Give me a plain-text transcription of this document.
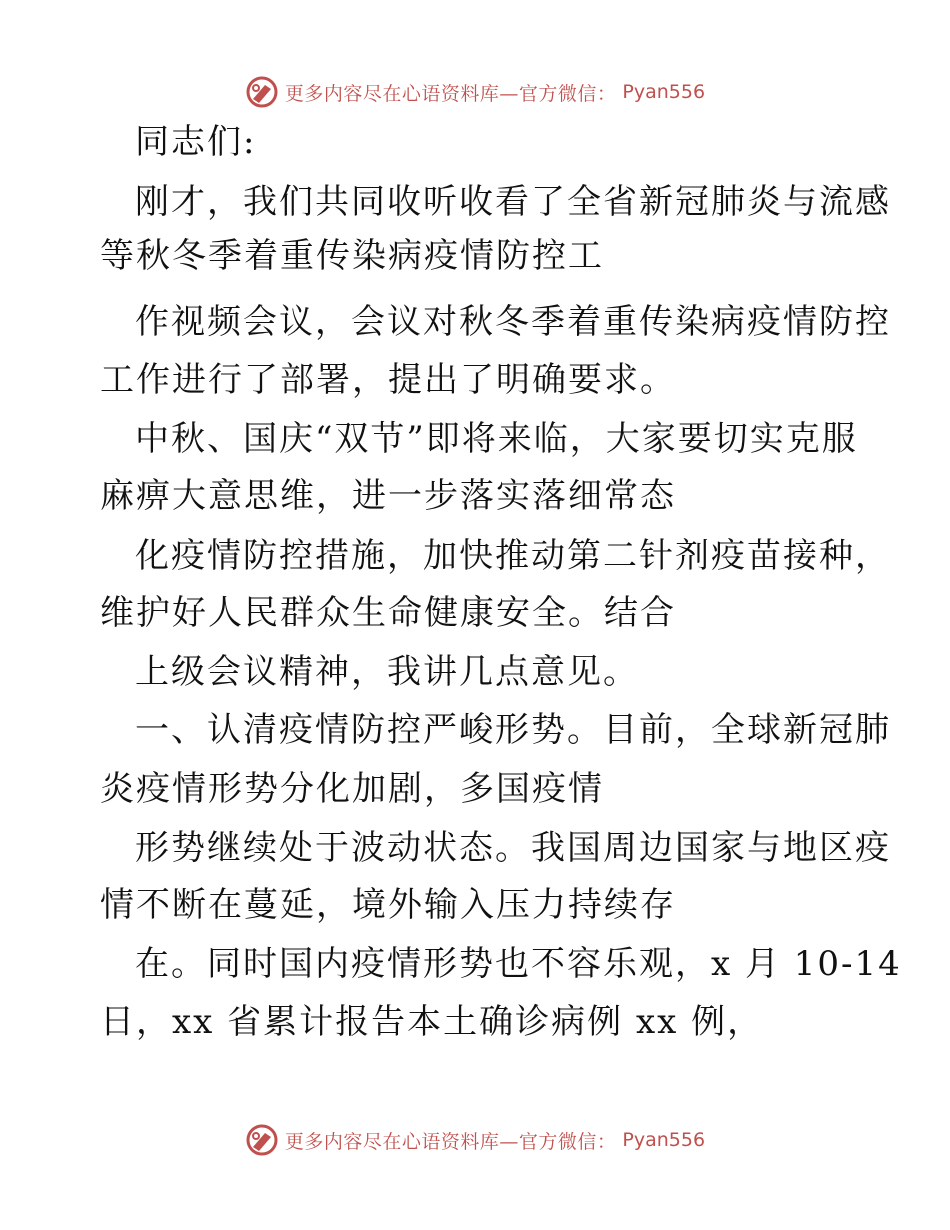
更多内容尽在心语资料库—官方微信： Pyan556
同志们:
刚才，我们共同收听收看了全省新冠肺炎与流感
等秋冬季着重传染病疫情防控工
作视频会议，会议对秋冬季着重传染病疫情防控
工作进行了部署，提出了明确要求。
中秋、国庆“双节”即将来临，大家要切实克服
麻痹大意思维，进一步落实落细常态
化疫情防控措施，加快推动第二针剂疫苗接种，
维护好人民群众生命健康安全。结合
上级会议精神，我讲几点意见。
一、认清疫情防控严峻形势。目前，全球新冠肺
炎疫情形势分化加剧，多国疫情
形势继续处于波动状态。我国周边国家与地区疫
情不断在蔓延，境外输入压力持续存
在。同时国内疫情形势也不容乐观，x 月 10-14
日，xx 省累计报告本土确诊病例 xx 例，
更多内容尽在心语资料库—官方微信： Pyan556
